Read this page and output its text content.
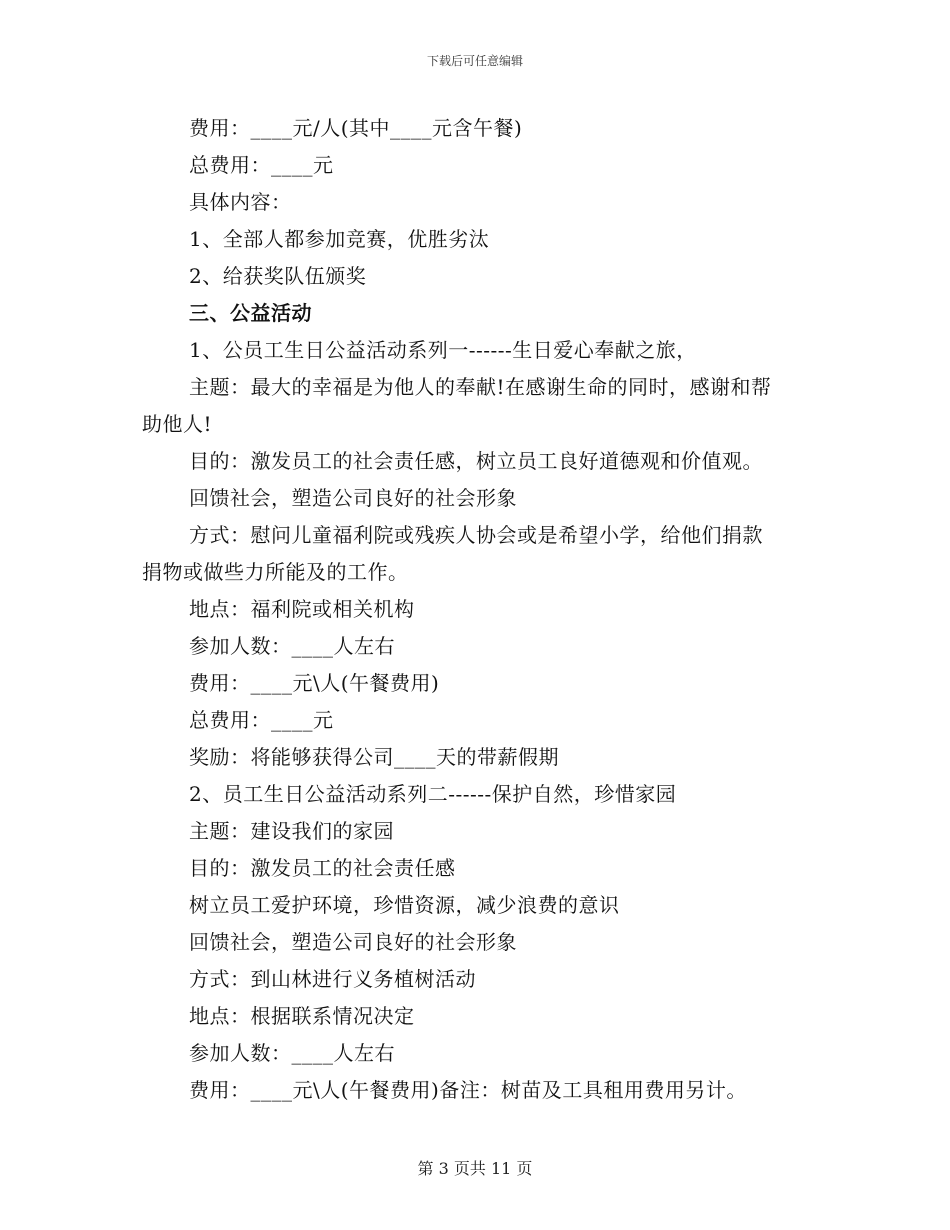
下载后可任意编辑
费用：____元/人(其中____元含午餐)
总费用：____元
具体内容：
1、全部人都参加竞赛，优胜劣汰
2、给获奖队伍颁奖
三、公益活动
1、公员工生日公益活动系列一------生日爱心奉献之旅，
主题：最大的幸福是为他人的奉献!在感谢生命的同时，感谢和帮
助他人!
目的：激发员工的社会责任感，树立员工良好道德观和价值观。
回馈社会，塑造公司良好的社会形象
方式：慰问儿童福利院或残疾人协会或是希望小学，给他们捐款
捐物或做些力所能及的工作。
地点：福利院或相关机构
参加人数：____人左右
费用：____元\人(午餐费用)
总费用：____元
奖励：将能够获得公司____天的带薪假期
2、员工生日公益活动系列二------保护自然，珍惜家园
主题：建设我们的家园
目的：激发员工的社会责任感
树立员工爱护环境，珍惜资源，减少浪费的意识
回馈社会，塑造公司良好的社会形象
方式：到山林进行义务植树活动
地点：根据联系情况决定
参加人数：____人左右
费用：____元\人(午餐费用)备注：树苗及工具租用费用另计。
第 3 页共 11 页
